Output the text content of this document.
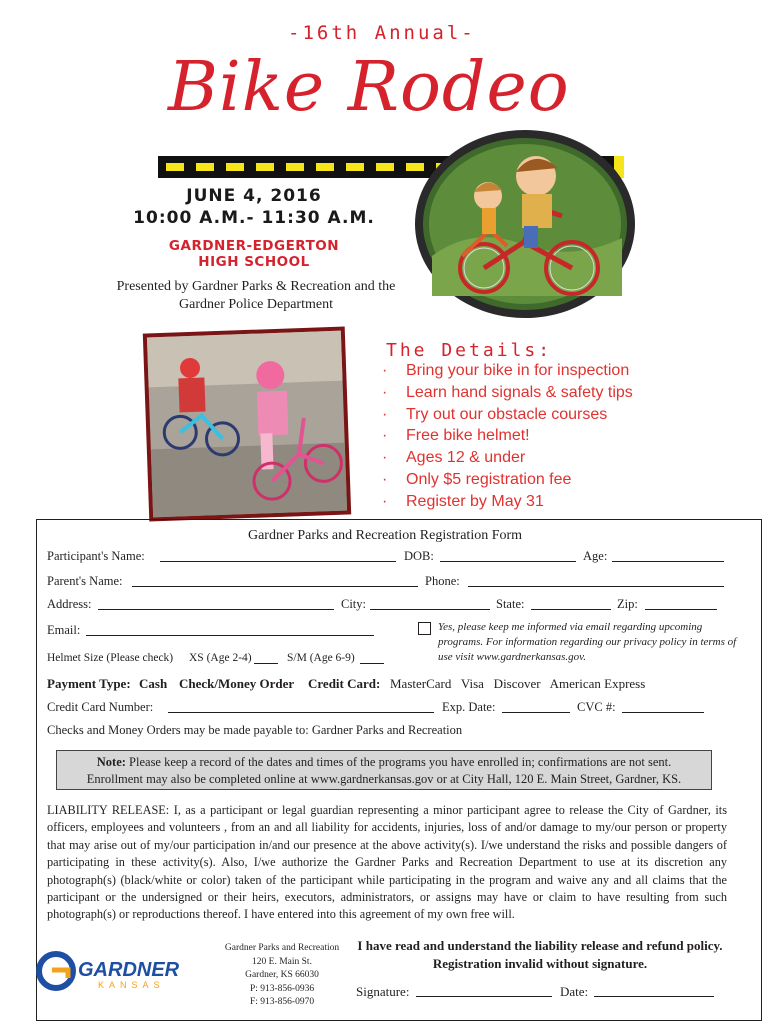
-16th Annual-
Bike Rodeo
JUNE 4, 2016
10:00 A.M.- 11:30 A.M.
GARDNER-EDGERTON
HIGH SCHOOL
Presented by Gardner Parks & Recreation and the Gardner Police Department
The Details:
· Bring your bike in for inspection
· Learn hand signals & safety tips
· Try out our obstacle courses
· Free bike helmet!
· Ages 12 & under
· Only $5 registration fee
· Register by May 31
Gardner Parks and Recreation Registration Form
Participant's Name:	DOB:	Age:
Parent's Name:	Phone:
Address:	City:	State:	Zip:
Email:	Yes, please keep me informed via email regarding upcoming programs. For information regarding our privacy policy in terms of use visit www.gardnerkansas.gov.
Helmet Size (Please check) XS (Age 2-4)	S/M (Age 6-9)
Payment Type: Cash Check/Money Order Credit Card: MasterCard   Visa   Discover   American Express
Credit Card Number:	Exp. Date:	CVC #:
Checks and Money Orders may be made payable to: Gardner Parks and Recreation
Note: Please keep a record of the dates and times of the programs you have enrolled in; confirmations are not sent.
Enrollment may also be completed online at www.gardnerkansas.gov or at City Hall, 120 E. Main Street, Gardner, KS.
LIABILITY RELEASE: I, as a participant or legal guardian representing a minor participant agree to release the City of Gardner, its officers, employees and volunteers , from an and all liability for accidents, injuries, loss of and/or damage to my/our person or property that may arise out of my/our participation in/and our presence at the above activity(s). I/we understand the risks and possible dangers of participating in these activity(s). Also, I/we authorize the Gardner Parks and Recreation Department to use at its discretion any photograph(s) (black/white or color) taken of the participant while participating in the program and waive any and all claims that the participant or the undersigned or their heirs, executors, administrators, or assigns may have or claim to have resulting from such photograph(s) or reproductions thereof. I have entered into this agreement of my own free will.
GARDNER
KANSAS
Gardner Parks and Recreation
120 E. Main St.
Gardner, KS 66030
P: 913-856-0936
F: 913-856-0970
I have read and understand the liability release and refund policy. Registration invalid without signature.
Signature:	Date:
